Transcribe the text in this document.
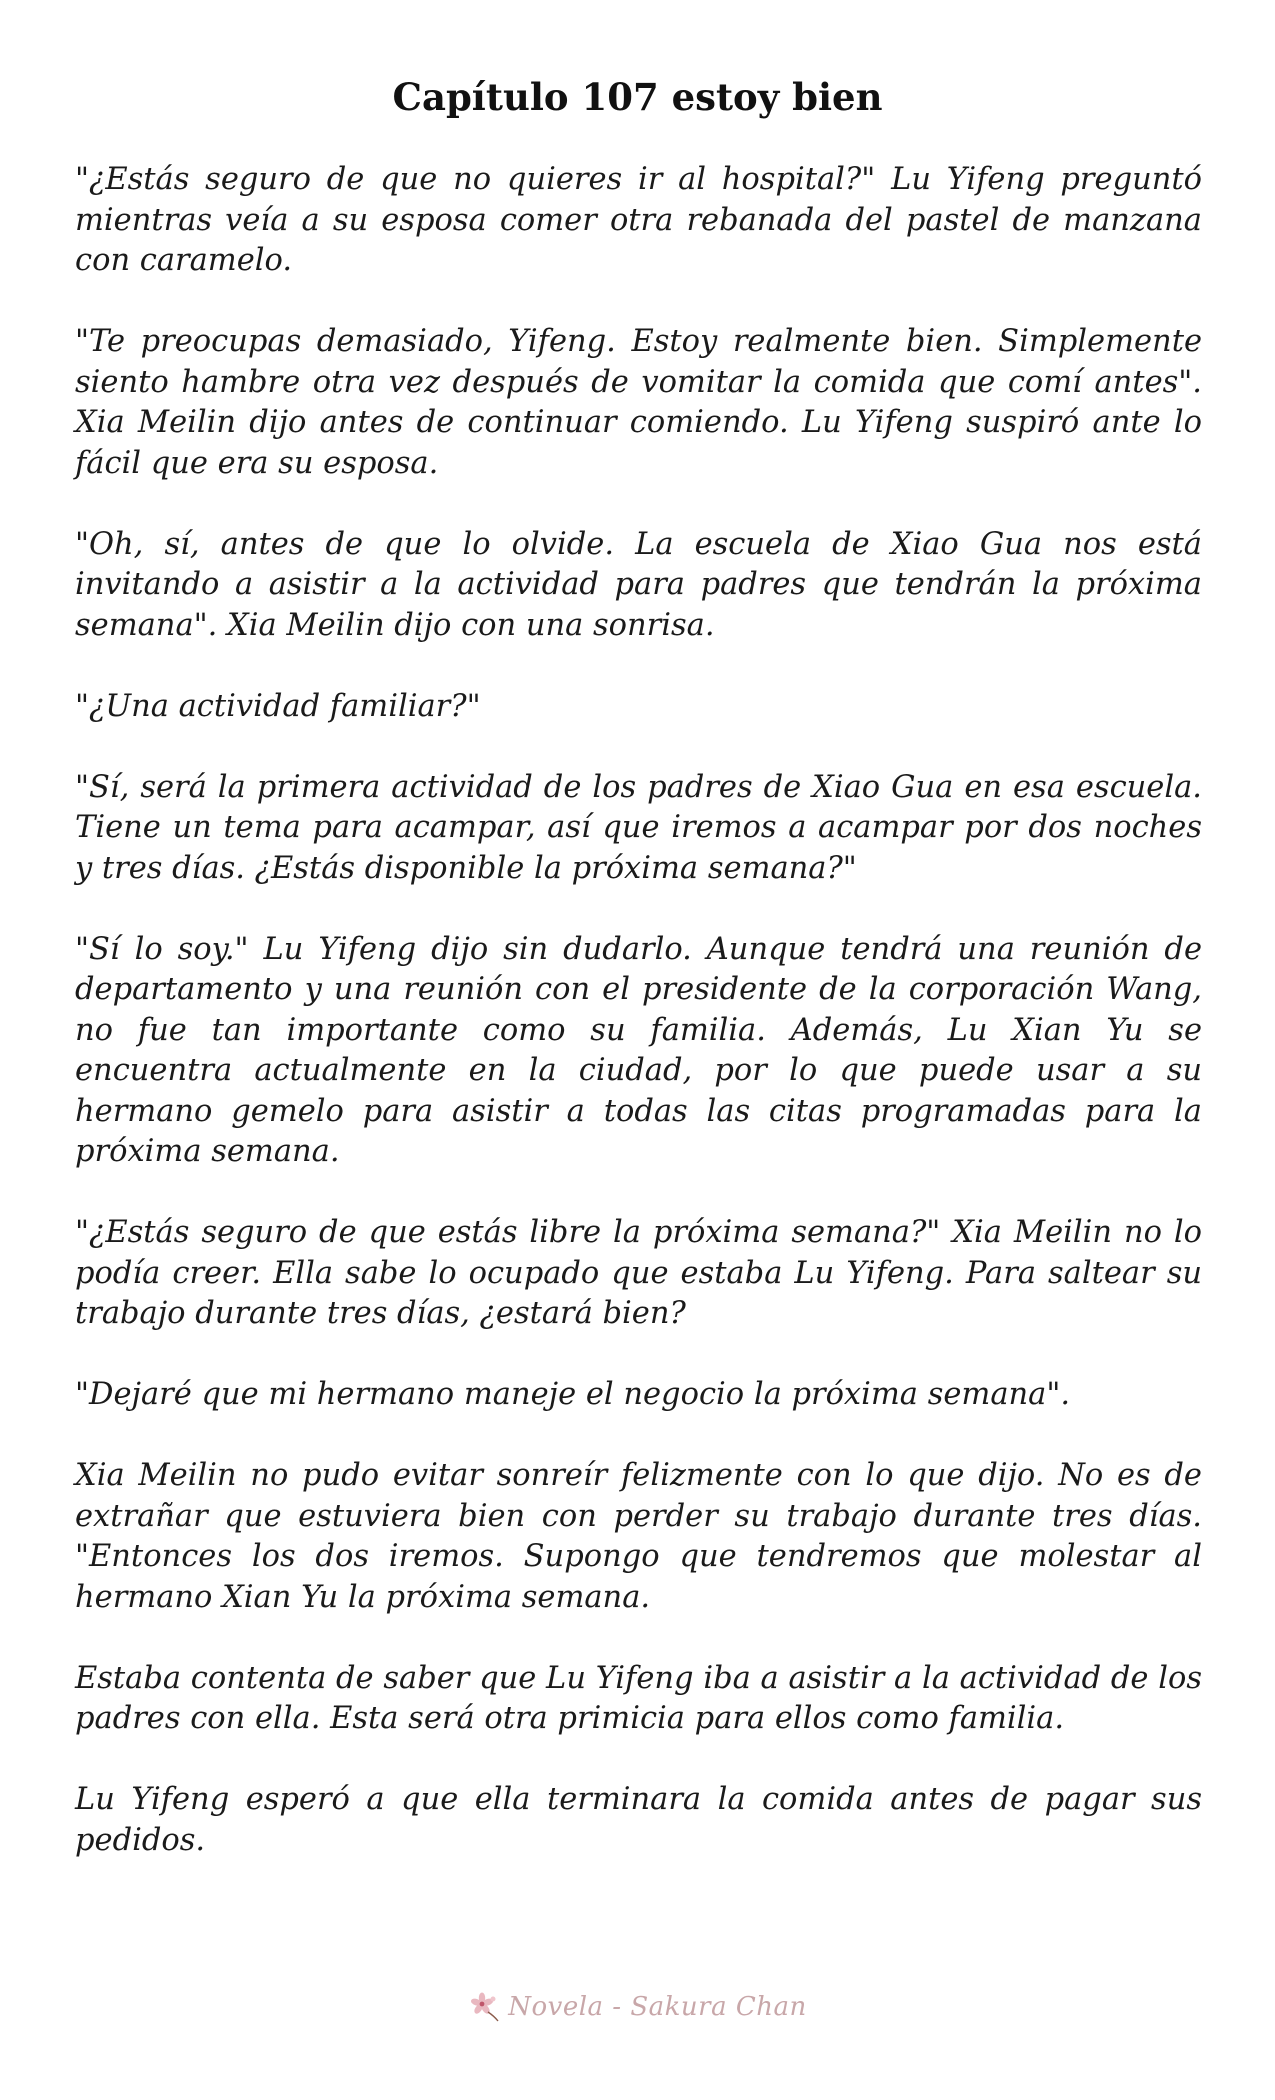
Capítulo 107 estoy bien

"¿Estás seguro de que no quieres ir al hospital?" Lu Yifeng preguntó mientras veía a su esposa comer otra rebanada del pastel de manzana con caramelo.

"Te preocupas demasiado, Yifeng. Estoy realmente bien. Simplemente siento hambre otra vez después de vomitar la comida que comí antes". Xia Meilin dijo antes de continuar comiendo. Lu Yifeng suspiró ante lo fácil que era su esposa.

"Oh, sí, antes de que lo olvide. La escuela de Xiao Gua nos está invitando a asistir a la actividad para padres que tendrán la próxima semana". Xia Meilin dijo con una sonrisa.

"¿Una actividad familiar?"

"Sí, será la primera actividad de los padres de Xiao Gua en esa escuela. Tiene un tema para acampar, así que iremos a acampar por dos noches y tres días. ¿Estás disponible la próxima semana?"

"Sí lo soy." Lu Yifeng dijo sin dudarlo. Aunque tendrá una reunión de departamento y una reunión con el presidente de la corporación Wang, no fue tan importante como su familia. Además, Lu Xian Yu se encuentra actualmente en la ciudad, por lo que puede usar a su hermano gemelo para asistir a todas las citas programadas para la próxima semana.

"¿Estás seguro de que estás libre la próxima semana?" Xia Meilin no lo podía creer. Ella sabe lo ocupado que estaba Lu Yifeng. Para saltear su trabajo durante tres días, ¿estará bien?

"Dejaré que mi hermano maneje el negocio la próxima semana".

Xia Meilin no pudo evitar sonreír felizmente con lo que dijo. No es de extrañar que estuviera bien con perder su trabajo durante tres días. "Entonces los dos iremos. Supongo que tendremos que molestar al hermano Xian Yu la próxima semana.

Estaba contenta de saber que Lu Yifeng iba a asistir a la actividad de los padres con ella. Esta será otra primicia para ellos como familia.

Lu Yifeng esperó a que ella terminara la comida antes de pagar sus pedidos.

Novela - Sakura Chan
